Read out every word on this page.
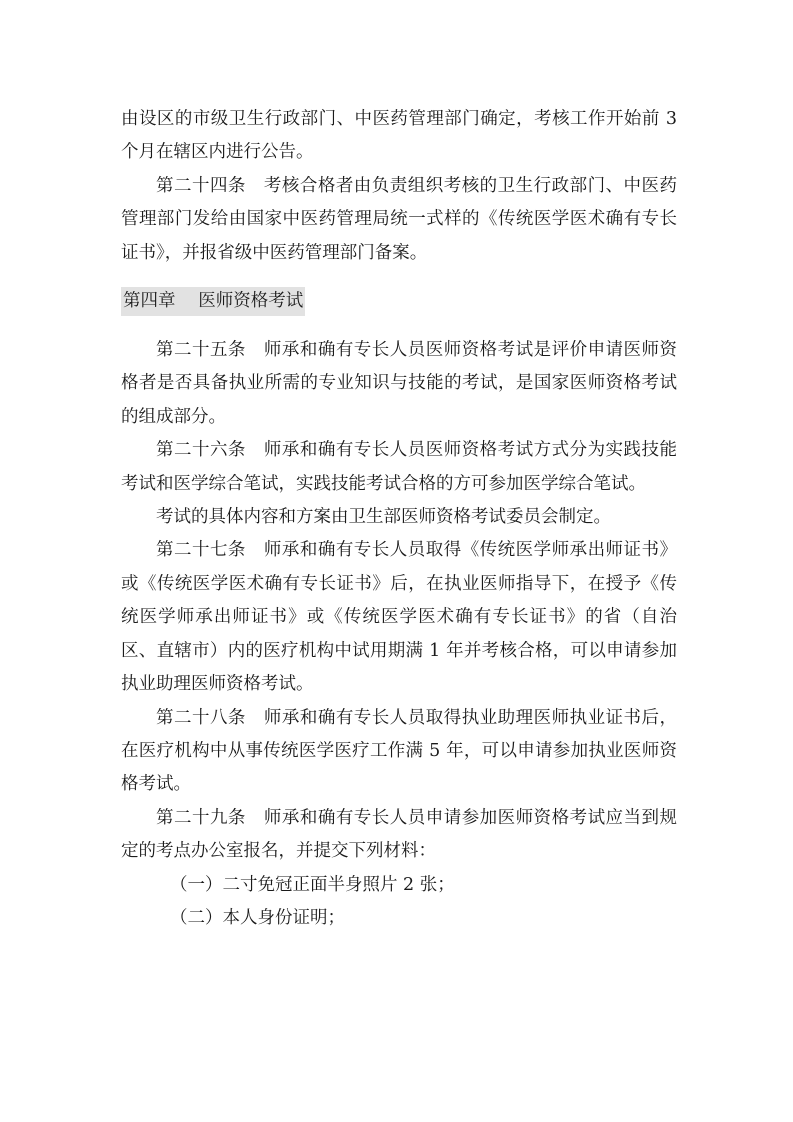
由设区的市级卫生行政部门、中医药管理部门确定，考核工作开始前 3 个月在辖区内进行公告。

第二十四条　考核合格者由负责组织考核的卫生行政部门、中医药管理部门发给由国家中医药管理局统一式样的《传统医学医术确有专长证书》，并报省级中医药管理部门备案。

第四章 医师资格考试

第二十五条　师承和确有专长人员医师资格考试是评价申请医师资格者是否具备执业所需的专业知识与技能的考试，是国家医师资格考试的组成部分。

第二十六条　师承和确有专长人员医师资格考试方式分为实践技能考试和医学综合笔试，实践技能考试合格的方可参加医学综合笔试。

考试的具体内容和方案由卫生部医师资格考试委员会制定。

第二十七条　师承和确有专长人员取得《传统医学师承出师证书》或《传统医学医术确有专长证书》后，在执业医师指导下，在授予《传统医学师承出师证书》或《传统医学医术确有专长证书》的省（自治区、直辖市）内的医疗机构中试用期满 1 年并考核合格，可以申请参加执业助理医师资格考试。

第二十八条　师承和确有专长人员取得执业助理医师执业证书后，在医疗机构中从事传统医学医疗工作满 5 年，可以申请参加执业医师资格考试。

第二十九条　师承和确有专长人员申请参加医师资格考试应当到规定的考点办公室报名，并提交下列材料：

（一）二寸免冠正面半身照片 2 张；

（二）本人身份证明；
